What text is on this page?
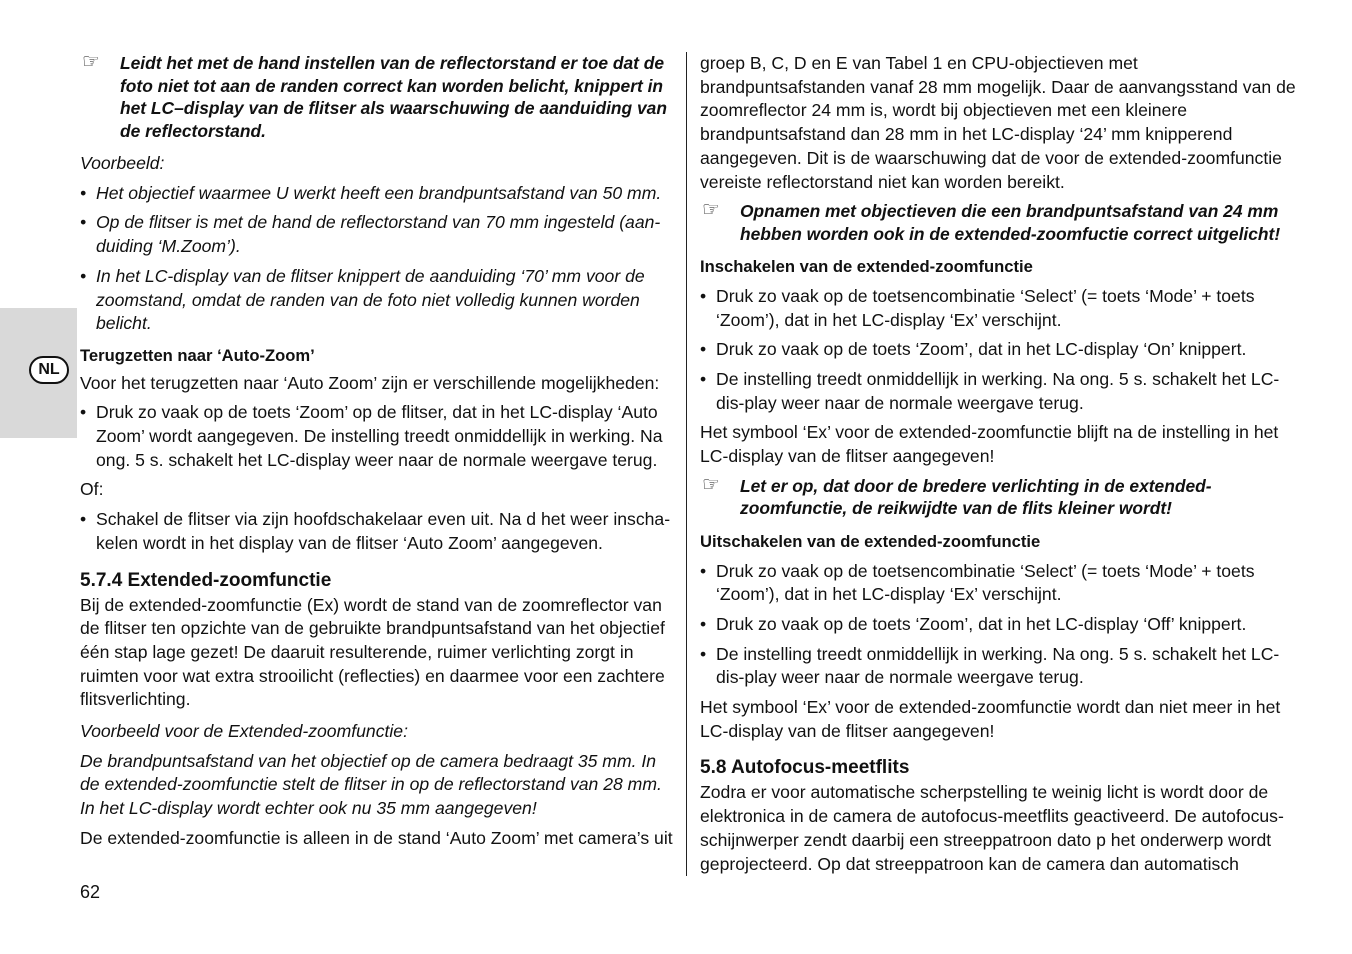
NL

☞ Leidt het met de hand instellen van de reflectorstand er toe dat de foto niet tot aan de randen correct kan worden belicht, knippert in het LC–display van de flitser als waarschuwing de aanduiding van de reflectorstand.

Voorbeeld:

• Het objectief waarmee U werkt heeft een brandpuntsafstand van 50 mm.

• Op de flitser is met de hand de reflectorstand van 70 mm ingesteld (aan-duiding ‘M.Zoom’).

• In het LC-display van de flitser knippert de aanduiding ‘70’ mm voor de zoomstand, omdat de randen van de foto niet volledig kunnen worden belicht.

Terugzetten naar ‘Auto-Zoom’

Voor het terugzetten naar ‘Auto Zoom’ zijn er verschillende mogelijkheden:

• Druk zo vaak op de toets ‘Zoom’ op de flitser, dat in het LC-display ‘Auto Zoom’ wordt aangegeven. De instelling treedt onmiddellijk in werking. Na ong. 5 s. schakelt het LC-display weer naar de normale weergave terug.

Of:

• Schakel de flitser via zijn hoofdschakelaar even uit. Na d het weer inscha-kelen wordt in het display van de flitser ‘Auto Zoom’ aangegeven.

5.7.4 Extended-zoomfunctie

Bij de extended-zoomfunctie (Ex) wordt de stand van de zoomreflector van de flitser ten opzichte van de gebruikte brandpuntsafstand van het objectief één stap lage gezet! De daaruit resulterende, ruimer verlichting zorgt in ruimten voor wat extra strooilicht (reflecties) en daarmee voor een zachtere flitsverlichting.

Voorbeeld voor de Extended-zoomfunctie:

De brandpuntsafstand van het objectief op de camera bedraagt 35 mm. In de extended-zoomfunctie stelt de flitser in op de reflectorstand van 28 mm. In het LC-display wordt echter ook nu 35 mm aangegeven!

De extended-zoomfunctie is alleen in de stand ‘Auto Zoom’ met camera’s uit

groep B, C, D en E van Tabel 1 en CPU-objectieven met brandpuntsafstanden vanaf 28 mm mogelijk. Daar de aanvangsstand van de zoomreflector 24 mm is, wordt bij objectieven met een kleinere brandpuntsafstand dan 28 mm in het LC-display ‘24’ mm knipperend aangegeven. Dit is de waarschuwing dat de voor de extended-zoomfunctie vereiste reflectorstand niet kan worden bereikt.

☞ Opnamen met objectieven die een brandpuntsafstand van 24 mm hebben worden ook in de extended-zoomfuctie correct uitgelicht!

Inschakelen van de extended-zoomfunctie

• Druk zo vaak op de toetsencombinatie ‘Select’ (= toets ‘Mode’ + toets ‘Zoom’), dat in het LC-display ‘Ex’ verschijnt.

• Druk zo vaak op de toets ‘Zoom’, dat in het LC-display ‘On’ knippert.

• De instelling treedt onmiddellijk in werking. Na ong. 5 s. schakelt het LC-dis-play weer naar de normale weergave terug.

Het symbool ‘Ex’ voor de extended-zoomfunctie blijft na de instelling in het LC-display van de flitser aangegeven!

☞ Let er op, dat door de bredere verlichting in de extended-zoomfunctie, de reikwijdte van de flits kleiner wordt!

Uitschakelen van de extended-zoomfunctie

• Druk zo vaak op de toetsencombinatie ‘Select’ (= toets ‘Mode’ + toets ‘Zoom’), dat in het LC-display ‘Ex’ verschijnt.

• Druk zo vaak op de toets ‘Zoom’, dat in het LC-display ‘Off’ knippert.

• De instelling treedt onmiddellijk in werking. Na ong. 5 s. schakelt het LC-dis-play weer naar de normale weergave terug.

Het symbool ‘Ex’ voor de extended-zoomfunctie wordt dan niet meer in het LC-display van de flitser aangegeven!

5.8 Autofocus-meetflits

Zodra er voor automatische scherpstelling te weinig licht is wordt door de elektronica in de camera de autofocus-meetflits geactiveerd. De autofocus-schijnwerper zendt daarbij een streeppatroon dato p het onderwerp wordt geprojecteerd. Op dat streeppatroon kan de camera dan automatisch

62
